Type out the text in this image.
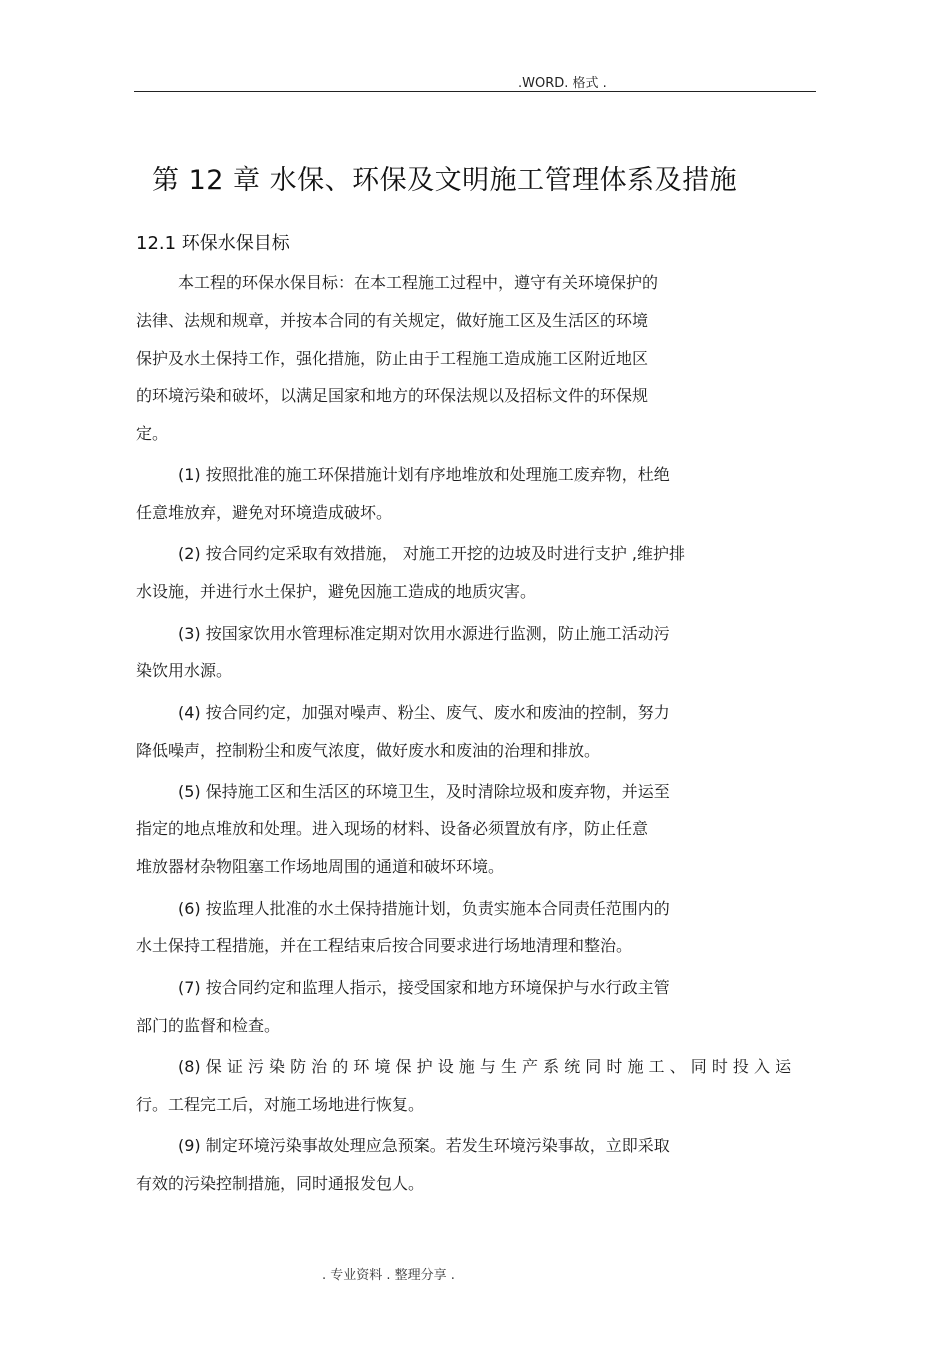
.WORD. 格式 .
第 12 章 水保、环保及文明施工管理体系及措施
12.1 环保水保目标
本工程的环保水保目标：在本工程施工过程中，遵守有关环境保护的
法律、法规和规章，并按本合同的有关规定，做好施工区及生活区的环境
保护及水土保持工作，强化措施，防止由于工程施工造成施工区附近地区
的环境污染和破坏，以满足国家和地方的环保法规以及招标文件的环保规
定。
(1) 按照批准的施工环保措施计划有序地堆放和处理施工废弃物，杜绝
任意堆放弃，避免对环境造成破坏。
(2) 按合同约定采取有效措施， 对施工开挖的边坡及时进行支护 ,维护排
水设施，并进行水土保护，避免因施工造成的地质灾害。
(3) 按国家饮用水管理标准定期对饮用水源进行监测，防止施工活动污
染饮用水源。
(4) 按合同约定，加强对噪声、粉尘、废气、废水和废油的控制，努力
降低噪声，控制粉尘和废气浓度，做好废水和废油的治理和排放。
(5) 保持施工区和生活区的环境卫生，及时清除垃圾和废弃物，并运至
指定的地点堆放和处理。进入现场的材料、设备必须置放有序，防止任意
堆放器材杂物阻塞工作场地周围的通道和破坏环境。
(6) 按监理人批准的水土保持措施计划，负责实施本合同责任范围内的
水土保持工程措施，并在工程结束后按合同要求进行场地清理和整治。
(7) 按合同约定和监理人指示，接受国家和地方环境保护与水行政主管
部门的监督和检查。
(8) 保 证 污 染 防 治 的 环 境 保 护 设 施 与 生 产 系 统 同 时 施 工 、 同 时 投 入 运
行。工程完工后，对施工场地进行恢复。
(9) 制定环境污染事故处理应急预案。若发生环境污染事故，立即采取
有效的污染控制措施，同时通报发包人。
. 专业资料 . 整理分享 .
